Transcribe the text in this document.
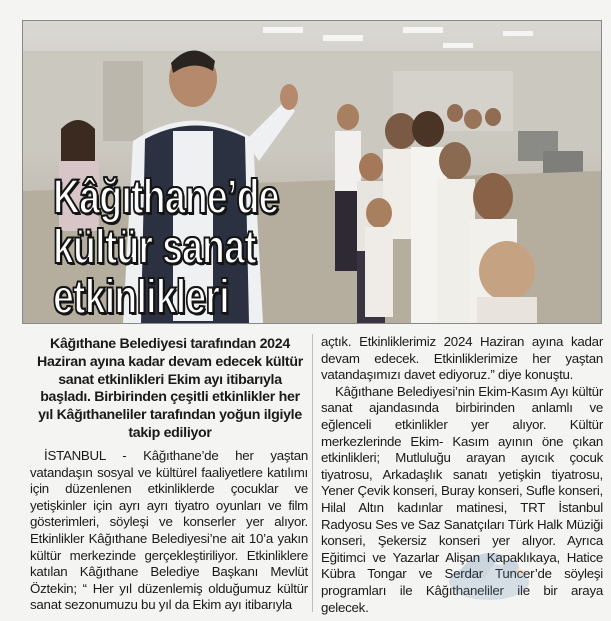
Kâğıthane’de
kültür sanat
etkinlikleri

Kâğıthane Belediyesi tarafından 2024 Haziran ayına kadar devam edecek kültür sanat etkinlikleri Ekim ayı itibarıyla başladı. Birbirinden çeşitli etkinlikler her yıl Kâğıthaneliler tarafından yoğun ilgiyle takip ediliyor

İSTANBUL - Kâğıthane’de her yaştan vatandaşın sosyal ve kültürel faaliyetlere katılımı için düzenlenen etkinliklerde çocuklar ve yetişkinler için ayrı ayrı tiyatro oyunları ve film gösterimleri, söyleşi ve konserler yer alıyor. Etkinlikler Kâğıthane Belediyesi’ne ait 10’a yakın kültür merkezinde gerçekleştiriliyor. Etkinliklere katılan Kâğıthane Belediye Başkanı Mevlüt Öztekin; “ Her yıl düzenlemiş olduğumuz kültür sanat sezonumuzu bu yıl da Ekim ayı itibarıyla

açtık. Etkinliklerimiz 2024 Haziran ayına kadar devam edecek. Etkinliklerimize her yaştan vatandaşımızı davet ediyoruz.” diye konuştu.

Kâğıthane Belediyesi’nin Ekim-Kasım Ayı kültür sanat ajandasında birbirinden anlamlı ve eğlenceli etkinlikler yer alıyor. Kültür merkezlerinde Ekim- Kasım ayının öne çıkan etkinlikleri; Mutluluğu arayan ayıcık çocuk tiyatrosu, Arkadaşlık sanatı yetişkin tiyatrosu, Yener Çevik konseri, Buray konseri, Sufle konseri, Hilal Altın kadınlar matinesi, TRT İstanbul Radyosu Ses ve Saz Sanatçıları Türk Halk Müziği konseri, Şekersiz konseri yer alıyor. Ayrıca Eğitimci ve Yazarlar Alişan Kapaklıkaya, Hatice Kübra Tongar ve Serdar Tuncer’de söyleşi programları ile Kâğıthaneliler ile bir araya gelecek.
